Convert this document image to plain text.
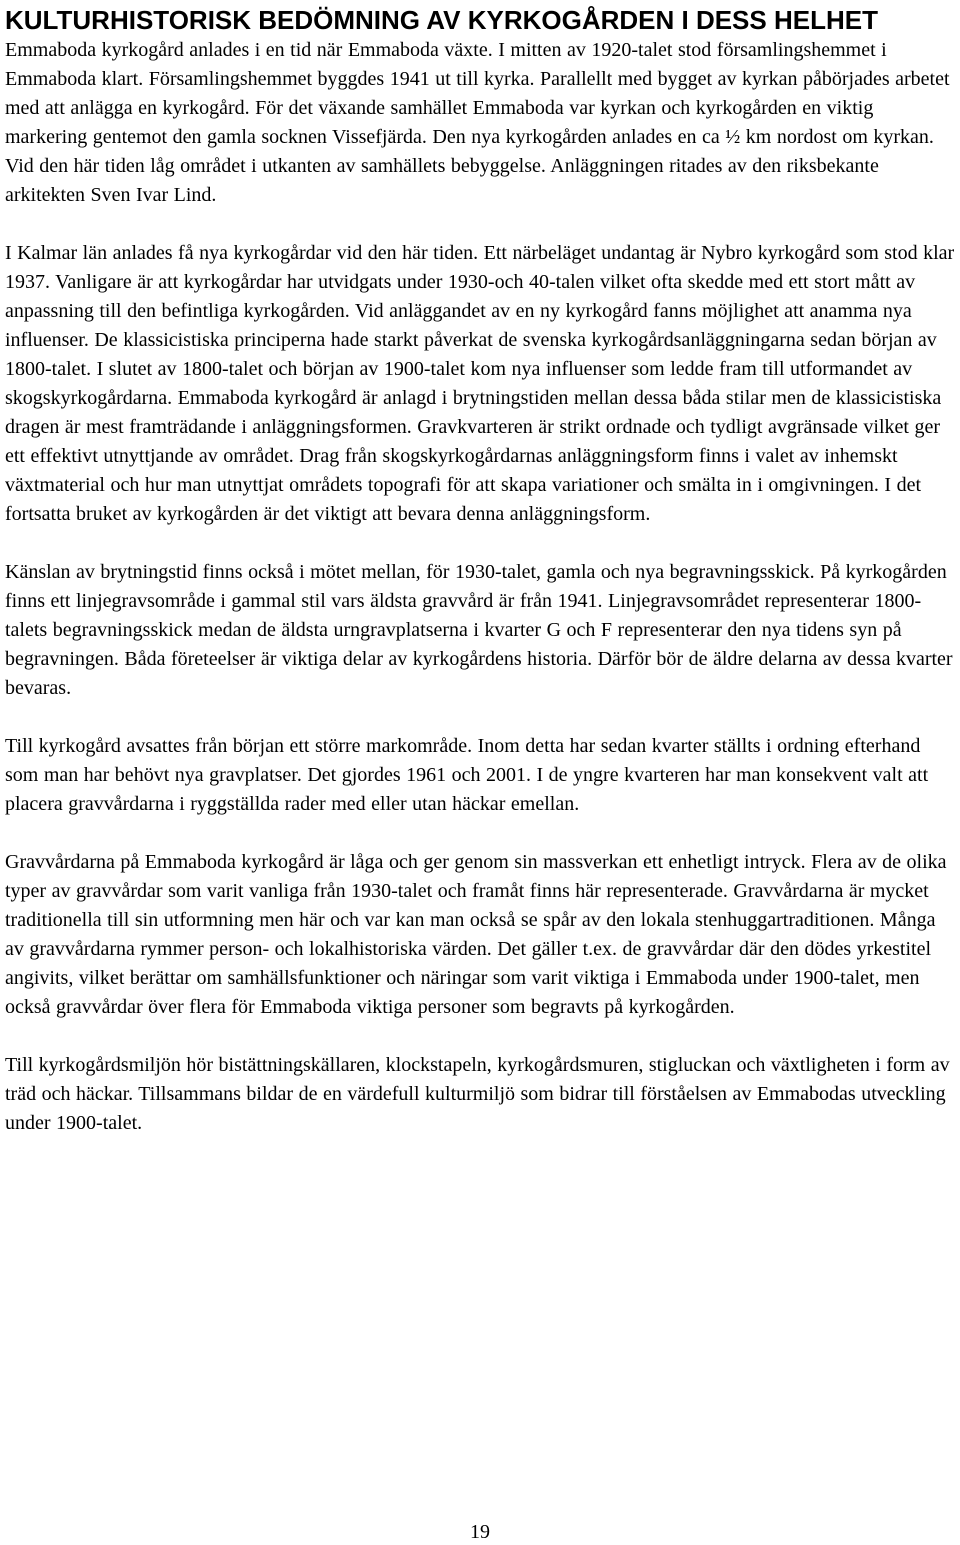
KULTURHISTORISK BEDÖMNING AV KYRKOGÅRDEN I DESS HELHET

Emmaboda kyrkogård anlades i en tid när Emmaboda växte. I mitten av 1920-talet stod församlingshemmet i Emmaboda klart. Församlingshemmet byggdes 1941 ut till kyrka. Parallellt med bygget av kyrkan påbörjades arbetet med att anlägga en kyrkogård. För det växande samhället Emmaboda var kyrkan och kyrkogården en viktig markering gentemot den gamla socknen Vissefjärda. Den nya kyrkogården anlades en ca ½ km nordost om kyrkan. Vid den här tiden låg området i utkanten av samhällets bebyggelse. Anläggningen ritades av den riksbekante arkitekten Sven Ivar Lind.

I Kalmar län anlades få nya kyrkogårdar vid den här tiden. Ett närbeläget undantag är Nybro kyrkogård som stod klar 1937. Vanligare är att kyrkogårdar har utvidgats under 1930-och 40-talen vilket ofta skedde med ett stort mått av anpassning till den befintliga kyrkogården. Vid anläggandet av en ny kyrkogård fanns möjlighet att anamma nya influenser. De klassicistiska principerna hade starkt påverkat de svenska kyrkogårdsanläggningarna sedan början av 1800-talet. I slutet av 1800-talet och början av 1900-talet kom nya influenser som ledde fram till utformandet av skogskyrkogårdarna. Emmaboda kyrkogård är anlagd i brytningstiden mellan dessa båda stilar men de klassicistiska dragen är mest framträdande i anläggningsformen. Gravkvarteren är strikt ordnade och tydligt avgränsade vilket ger ett effektivt utnyttjande av området. Drag från skogskyrkogårdarnas anläggningsform finns i valet av inhemskt växtmaterial och hur man utnyttjat områdets topografi för att skapa variationer och smälta in i omgivningen. I det fortsatta bruket av kyrkogården är det viktigt att bevara denna anläggningsform.

Känslan av brytningstid finns också i mötet mellan, för 1930-talet, gamla och nya begravningsskick. På kyrkogården finns ett linjegravsområde i gammal stil vars äldsta gravvård är från 1941. Linjegravsområdet representerar 1800-talets begravningsskick medan de äldsta urngravplatserna i kvarter G och F representerar den nya tidens syn på begravningen. Båda företeelser är viktiga delar av kyrkogårdens historia. Därför bör de äldre delarna av dessa kvarter bevaras.

Till kyrkogård avsattes från början ett större markområde. Inom detta har sedan kvarter ställts i ordning efterhand som man har behövt nya gravplatser. Det gjordes 1961 och 2001. I de yngre kvarteren har man konsekvent valt att placera gravvårdarna i ryggställda rader med eller utan häckar emellan.

Gravvårdarna på Emmaboda kyrkogård är låga och ger genom sin massverkan ett enhetligt intryck. Flera av de olika typer av gravvårdar som varit vanliga från 1930-talet och framåt finns här representerade. Gravvårdarna är mycket traditionella till sin utformning men här och var kan man också se spår av den lokala stenhuggartraditionen. Många av gravvårdarna rymmer person- och lokalhistoriska värden. Det gäller t.ex. de gravvårdar där den dödes yrkestitel angivits, vilket berättar om samhällsfunktioner och näringar som varit viktiga i Emmaboda under 1900-talet, men också gravvårdar över flera för Emmaboda viktiga personer som begravts på kyrkogården.

Till kyrkogårdsmiljön hör bistättningskällaren, klockstapeln, kyrkogårdsmuren, stigluckan och växtligheten i form av träd och häckar. Tillsammans bildar de en värdefull kulturmiljö som bidrar till förståelsen av Emmabodas utveckling under 1900-talet.

19
